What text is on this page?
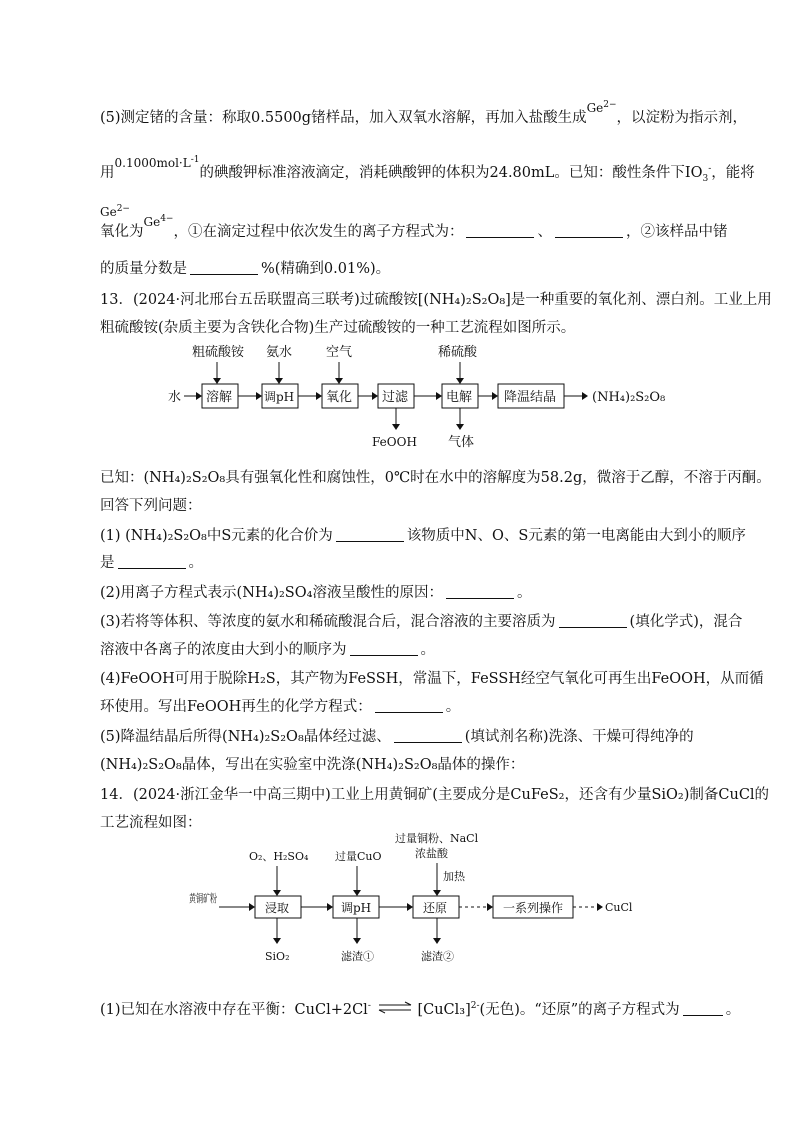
(5)测定锗的含量：称取0.5500g锗样品，加入双氧水溶解，再加入盐酸生成$^{Ge^{2-}}$，以淀粉为指示剂，
用$^{0.1000mol\cdot L^{-1}}$的碘酸钾标准溶液滴定，消耗碘酸钾的体积为24.80mL。已知：酸性条件下$IO_3^-$，能将
$Ge^{2-}$
氧化为$^{Ge^{4-}}$，①在滴定过程中依次发生的离子方程式为：	、	，②该样品中锗
的质量分数是	%(精确到0.01%)。
13．(2024·河北邢台五岳联盟高三联考)过硫酸铵[(NH₄)₂S₂O₈]是一种重要的氧化剂、漂白剂。工业上用
粗硫酸铵(杂质主要为含铁化合物)生产过硫酸铵的一种工艺流程如图所示。
粗硫酸铵 氨水	空气	稀硫酸
水 溶解	调pH 氧化 过滤	电解 降温结晶	(NH₄)₂S₂O₈
FeOOH 气体
已知：(NH₄)₂S₂O₈具有强氧化性和腐蚀性，0℃时在水中的溶解度为58.2g，微溶于乙醇，不溶于丙酮。
回答下列问题：
(1) (NH₄)₂S₂O₈中S元素的化合价为	该物质中N、O、S元素的第一电离能由大到小的顺序
是	。
(2)用离子方程式表示(NH₄)₂SO₄溶液呈酸性的原因：	。
(3)若将等体积、等浓度的氨水和稀硫酸混合后，混合溶液的主要溶质为	(填化学式)，混合
溶液中各离子的浓度由大到小的顺序为	。
(4)FeOOH可用于脱除H₂S，其产物为FeSSH，常温下，FeSSH经空气氧化可再生出FeOOH，从而循
环使用。写出FeOOH再生的化学方程式：	。
(5)降温结晶后所得(NH₄)₂S₂O₈晶体经过滤、	(填试剂名称)洗涤、干燥可得纯净的
(NH₄)₂S₂O₈晶体，写出在实验室中洗涤(NH₄)₂S₂O₈晶体的操作：
14．(2024·浙江金华一中高三期中)工业上用黄铜矿(主要成分是CuFeS₂，还含有少量SiO₂)制备CuCl的
工艺流程如图：
O₂、H₂SO₄ 过量CuO
过量铜粉、NaCl
浓盐酸
加热
黄铜矿粉
浸取	调pH	还原	一系列操作	CuCl
SiO₂	滤渣①	滤渣②
(1)已知在水溶液中存在平衡：CuCl+2Cl- ⇌ [CuCl₃]$^{2-}$(无色)。“还原”的离子方程式为	。
